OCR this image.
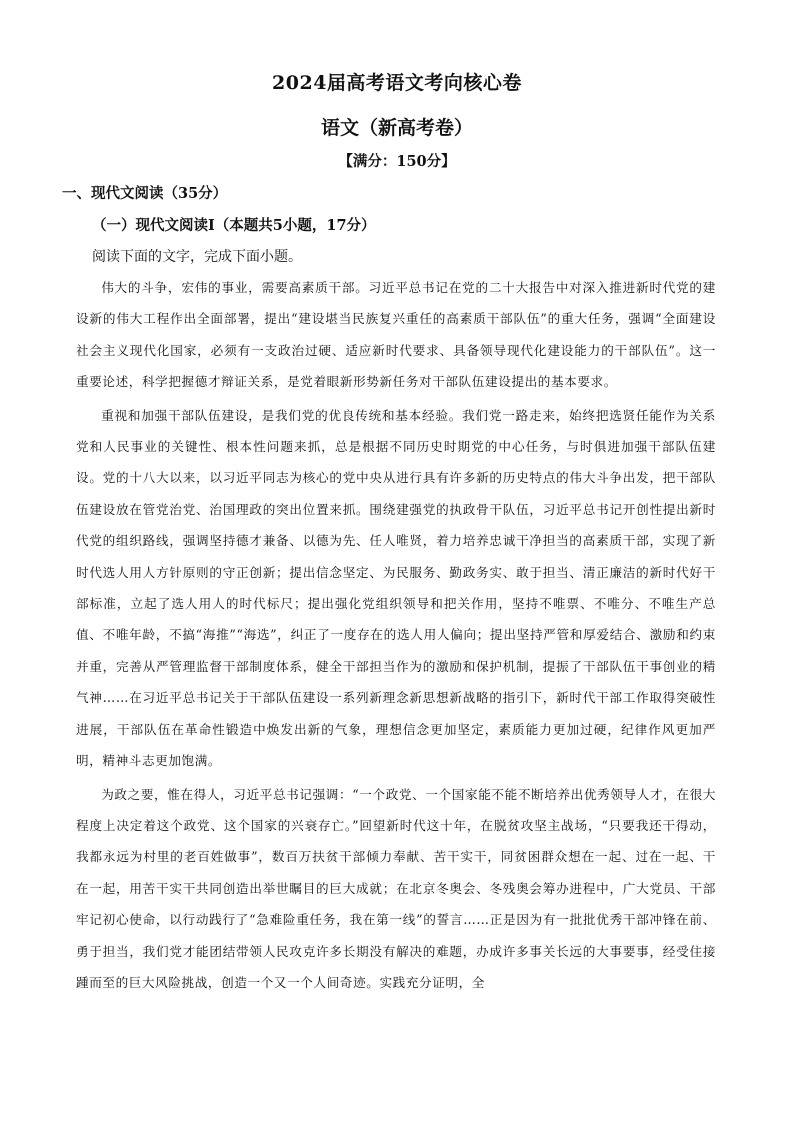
2024届高考语文考向核心卷
语文（新高考卷）
【满分：150分】
一、现代文阅读（35分）
（一）现代文阅读Ⅰ（本题共5小题，17分）
阅读下面的文字，完成下面小题。

伟大的斗争，宏伟的事业，需要高素质干部。习近平总书记在党的二十大报告中对深入推进新时代党的建设新的伟大工程作出全面部署，提出“建设堪当民族复兴重任的高素质干部队伍”的重大任务，强调“全面建设社会主义现代化国家，必须有一支政治过硬、适应新时代要求、具备领导现代化建设能力的干部队伍”。这一重要论述，科学把握德才辩证关系，是党着眼新形势新任务对干部队伍建设提出的基本要求。

重视和加强干部队伍建设，是我们党的优良传统和基本经验。我们党一路走来，始终把选贤任能作为关系党和人民事业的关键性、根本性问题来抓，总是根据不同历史时期党的中心任务，与时俱进加强干部队伍建设。党的十八大以来，以习近平同志为核心的党中央从进行具有许多新的历史特点的伟大斗争出发，把干部队伍建设放在管党治党、治国理政的突出位置来抓。围绕建强党的执政骨干队伍，习近平总书记开创性提出新时代党的组织路线，强调坚持德才兼备、以德为先、任人唯贤，着力培养忠诚干净担当的高素质干部，实现了新时代选人用人方针原则的守正创新；提出信念坚定、为民服务、勤政务实、敢于担当、清正廉洁的新时代好干部标准，立起了选人用人的时代标尺；提出强化党组织领导和把关作用，坚持不唯票、不唯分、不唯生产总值、不唯年龄，不搞“海推”“海选”，纠正了一度存在的选人用人偏向；提出坚持严管和厚爱结合、激励和约束并重，完善从严管理监督干部制度体系，健全干部担当作为的激励和保护机制，提振了干部队伍干事创业的精气神……在习近平总书记关于干部队伍建设一系列新理念新思想新战略的指引下，新时代干部工作取得突破性进展，干部队伍在革命性锻造中焕发出新的气象，理想信念更加坚定，素质能力更加过硬，纪律作风更加严明，精神斗志更加饱满。

为政之要，惟在得人，习近平总书记强调：“一个政党、一个国家能不能不断培养出优秀领导人才，在很大程度上决定着这个政党、这个国家的兴衰存亡。”回望新时代这十年，在脱贫攻坚主战场，“只要我还干得动，我都永远为村里的老百姓做事”，数百万扶贫干部倾力奉献、苦干实干，同贫困群众想在一起、过在一起、干在一起，用苦干实干共同创造出举世瞩目的巨大成就；在北京冬奥会、冬残奥会筹办进程中，广大党员、干部牢记初心使命，以行动践行了“急难险重任务，我在第一线”的誓言……正是因为有一批批优秀干部冲锋在前、勇于担当，我们党才能团结带领人民攻克许多长期没有解决的难题，办成许多事关长远的大事要事，经受住接踵而至的巨大风险挑战，创造一个又一个人间奇迹。实践充分证明，全
